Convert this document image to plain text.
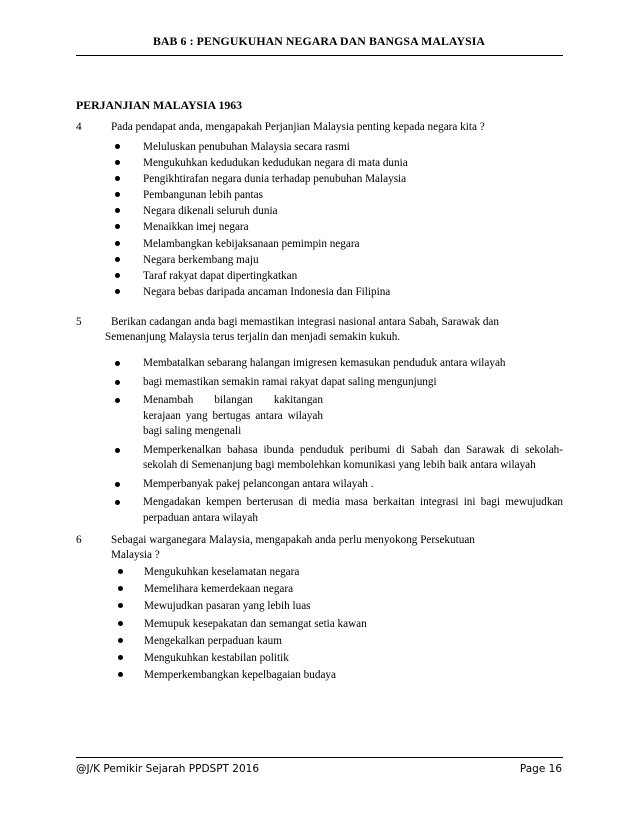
BAB 6 : PENGUKUHAN NEGARA DAN BANGSA MALAYSIA
PERJANJIAN MALAYSIA 1963
4	Pada pendapat anda, mengapakah Perjanjian Malaysia penting kepada negara kita ?
Meluluskan penubuhan Malaysia secara rasmi
Mengukuhkan kedudukan kedudukan negara di mata dunia
Pengikhtirafan negara dunia terhadap penubuhan Malaysia
Pembangunan lebih pantas
Negara dikenali seluruh dunia
Menaikkan imej negara
Melambangkan kebijaksanaan pemimpin negara
Negara berkembang maju
Taraf rakyat dapat dipertingkatkan
Negara bebas daripada ancaman Indonesia dan Filipina
5	Berikan cadangan anda bagi memastikan integrasi nasional antara Sabah, Sarawak dan
Semenanjung Malaysia terus terjalin dan menjadi semakin kukuh.
Membatalkan sebarang halangan imigresen kemasukan penduduk antara wilayah
bagi memastikan semakin ramai rakyat dapat saling mengunjungi
Menambah bilangan kakitangan kerajaan yang bertugas antara wilayah bagi saling mengenali
Memperkenalkan bahasa ibunda penduduk peribumi di Sabah dan Sarawak di sekolah-sekolah di Semenanjung bagi membolehkan komunikasi yang lebih baik antara wilayah
Memperbanyak pakej pelancongan antara wilayah .
Mengadakan kempen berterusan di media masa berkaitan integrasi ini bagi mewujudkan perpaduan antara wilayah
6	Sebagai warganegara Malaysia, mengapakah anda perlu menyokong Persekutuan
Malaysia ?
Mengukuhkan keselamatan negara
Memelihara kemerdekaan negara
Mewujudkan pasaran yang lebih luas
Memupuk kesepakatan dan semangat setia kawan
Mengekalkan perpaduan kaum
Mengukuhkan kestabilan politik
Memperkembangkan kepelbagaian budaya
@J/K Pemikir Sejarah PPDSPT 2016	Page 16
